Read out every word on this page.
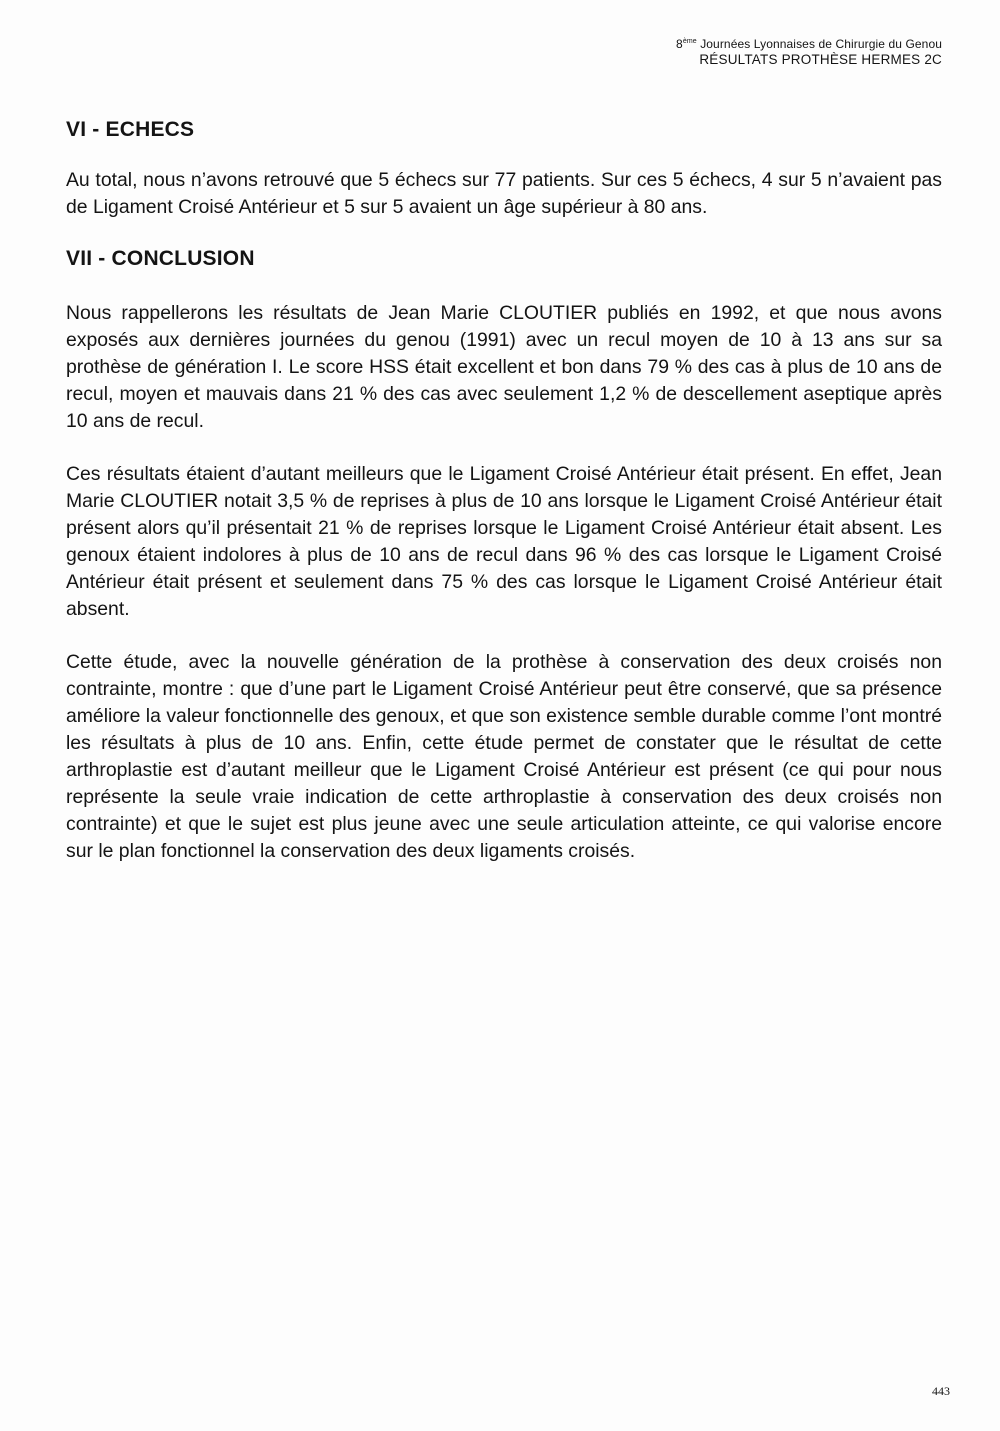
8ème Journées Lyonnaises de Chirurgie du Genou
RÉSULTATS PROTHÈSE HERMES 2C
VI - ECHECS

Au total, nous n’avons retrouvé que 5 échecs sur 77 patients. Sur ces 5 échecs, 4 sur 5 n’avaient pas de Ligament Croisé Antérieur et 5 sur 5 avaient un âge supérieur à 80 ans.

VII - CONCLUSION

Nous rappellerons les résultats de Jean Marie CLOUTIER publiés en 1992, et que nous avons exposés aux dernières journées du genou (1991) avec un recul moyen de 10 à 13 ans sur sa prothèse de génération I. Le score HSS était excellent et bon dans 79 % des cas à plus de 10 ans de recul, moyen et mauvais dans 21 % des cas avec seulement 1,2 % de descellement aseptique après 10 ans de recul.

Ces résultats étaient d’autant meilleurs que le Ligament Croisé Antérieur était présent. En effet, Jean Marie CLOUTIER notait 3,5 % de reprises à plus de 10 ans lorsque le Ligament Croisé Antérieur était présent alors qu’il présentait 21 % de reprises lorsque le Ligament Croisé Antérieur était absent. Les genoux étaient indolores à plus de 10 ans de recul dans 96 % des cas lorsque le Ligament Croisé Antérieur était présent et seulement dans 75 % des cas lorsque le Ligament Croisé Antérieur était absent.

Cette étude, avec la nouvelle génération de la prothèse à conservation des deux croisés non contrainte, montre : que d’une part le Ligament Croisé Antérieur peut être conservé, que sa présence améliore la valeur fonctionnelle des genoux, et que son existence semble durable comme l’ont montré les résultats à plus de 10 ans. Enfin, cette étude permet de constater que le résultat de cette arthroplastie est d’autant meilleur que le Ligament Croisé Antérieur est présent (ce qui pour nous représente la seule vraie indication de cette arthroplastie à conservation des deux croisés non contrainte) et que le sujet est plus jeune avec une seule articulation atteinte, ce qui valorise encore sur le plan fonctionnel la conservation des deux ligaments croisés.

443
